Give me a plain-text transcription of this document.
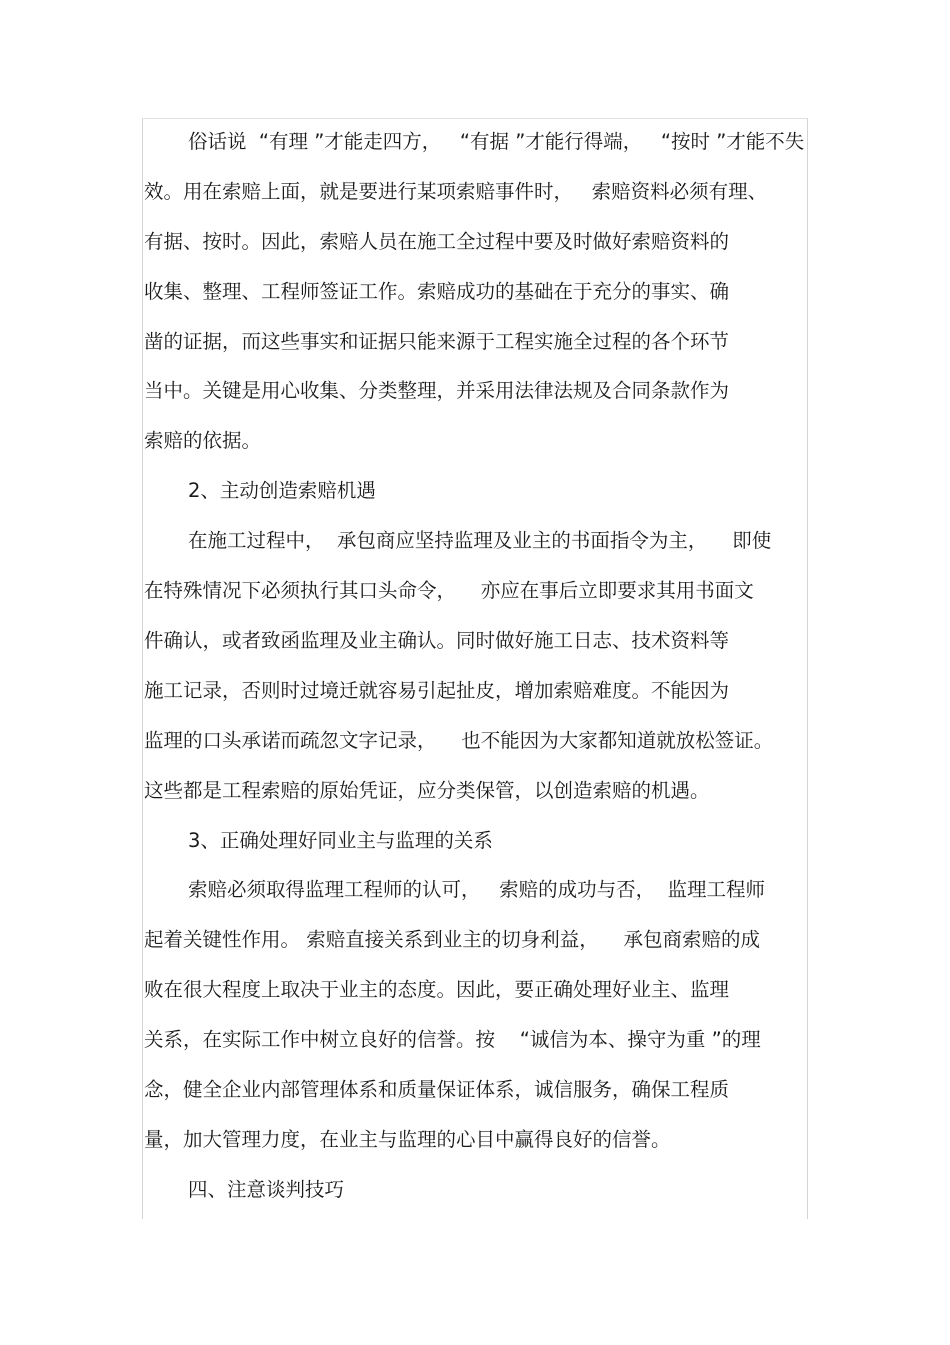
俗话说  “有理 ”才能走四方，   “有据 ”才能行得端，   “按时 ”才能不失
效。用在索赔上面，就是要进行某项索赔事件时，   索赔资料必须有理、
有据、按时。因此，索赔人员在施工全过程中要及时做好索赔资料的
收集、整理、工程师签证工作。索赔成功的基础在于充分的事实、确
凿的证据，而这些事实和证据只能来源于工程实施全过程的各个环节
当中。关键是用心收集、分类整理，并采用法律法规及合同条款作为
索赔的依据。
2、主动创造索赔机遇
在施工过程中，  承包商应坚持监理及业主的书面指令为主，    即使
在特殊情况下必须执行其口头命令，    亦应在事后立即要求其用书面文
件确认，或者致函监理及业主确认。同时做好施工日志、技术资料等
施工记录，否则时过境迁就容易引起扯皮，增加索赔难度。不能因为
监理的口头承诺而疏忽文字记录，    也不能因为大家都知道就放松签证。
这些都是工程索赔的原始凭证，应分类保管，以创造索赔的机遇。
3、正确处理好同业主与监理的关系
索赔必须取得监理工程师的认可，   索赔的成功与否，  监理工程师
起着关键性作用。 索赔直接关系到业主的切身利益，    承包商索赔的成
败在很大程度上取决于业主的态度。因此，要正确处理好业主、监理
关系，在实际工作中树立良好的信誉。按    “诚信为本、操守为重 ”的理
念，健全企业内部管理体系和质量保证体系，诚信服务，确保工程质
量，加大管理力度，在业主与监理的心目中赢得良好的信誉。
四、注意谈判技巧
